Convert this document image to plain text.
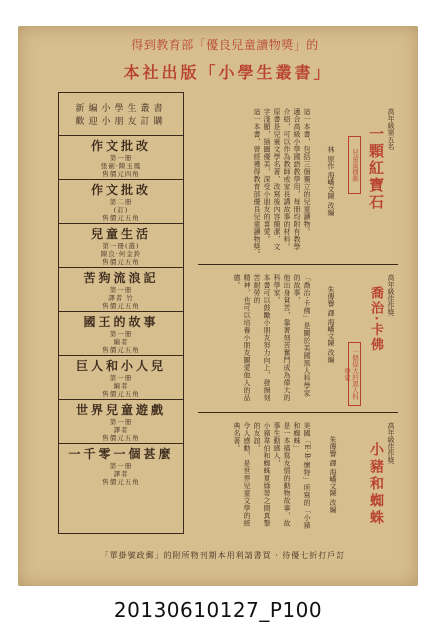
得到教育部「優良兒童讀物獎」的
本社出版「小學生叢書」
新編小學生叢書
歡迎小朋友訂購
作文批改
第一冊
張劍·陳玉鳳
售價元四角
作文批改
第二冊
(訂)
售價元五角
兒童生活
第一冊(選)
陳良·何金鈴
售價元五角
苦狗流浪記
第一冊
譯者 竹
售價元五角
國王的故事
第一冊
編者
售價元五角
巨人和小人兒
第一冊
編者
售價元五角
世界兒童遊戲
第一冊
譯者
售價元五角
一千零一個甚麼
第一冊
譯者
售價元五角
高年級第五名
一顆紅寶石
兒童廣播劇
林 原作 海嶠文陳 改編
這一本書，包括三個獨立的兒童讀物。
適合高級小學國語教學用，每冊均附有教學
介紹，可以作為教師或家長講故事的材料。
原書是兒童文學名著，改寫後內容簡潔，文
字淺顯，插圖優美，深受小朋友的喜愛。
這一本書，曾經獲得教育部優良兒童讀物獎。
高年級佳作獎
喬治·卡佛
一個偉大的黑人科學家
朱傳譽 譯 海嶠文陳 改編
「喬治·卡佛」是關於美國黑人科學家的故事，
他出身貧苦，靠著刻苦奮鬥成為偉大的科學家。
本書可以鼓勵小朋友努力向上，發揚刻苦耐勞的
精神，也可以培養小朋友關愛他人的品德。
高年級佳作獎
小豬和蜘蛛
朱傳譽 譯 海嶠文陳 改編
美國「E·B·懷特」所寫的「小豬和蜘蛛」
是一本描寫友情的動物故事，故事生動感人，
小豬韋伯和蜘蛛夏綠蒂之間真摯的友誼，
令人感動，是世界兒童文學的經典名著。
「單掛號政郵」的附所物刊期本用利請書買 · 待優七折打戶訂
20130610127_P100
